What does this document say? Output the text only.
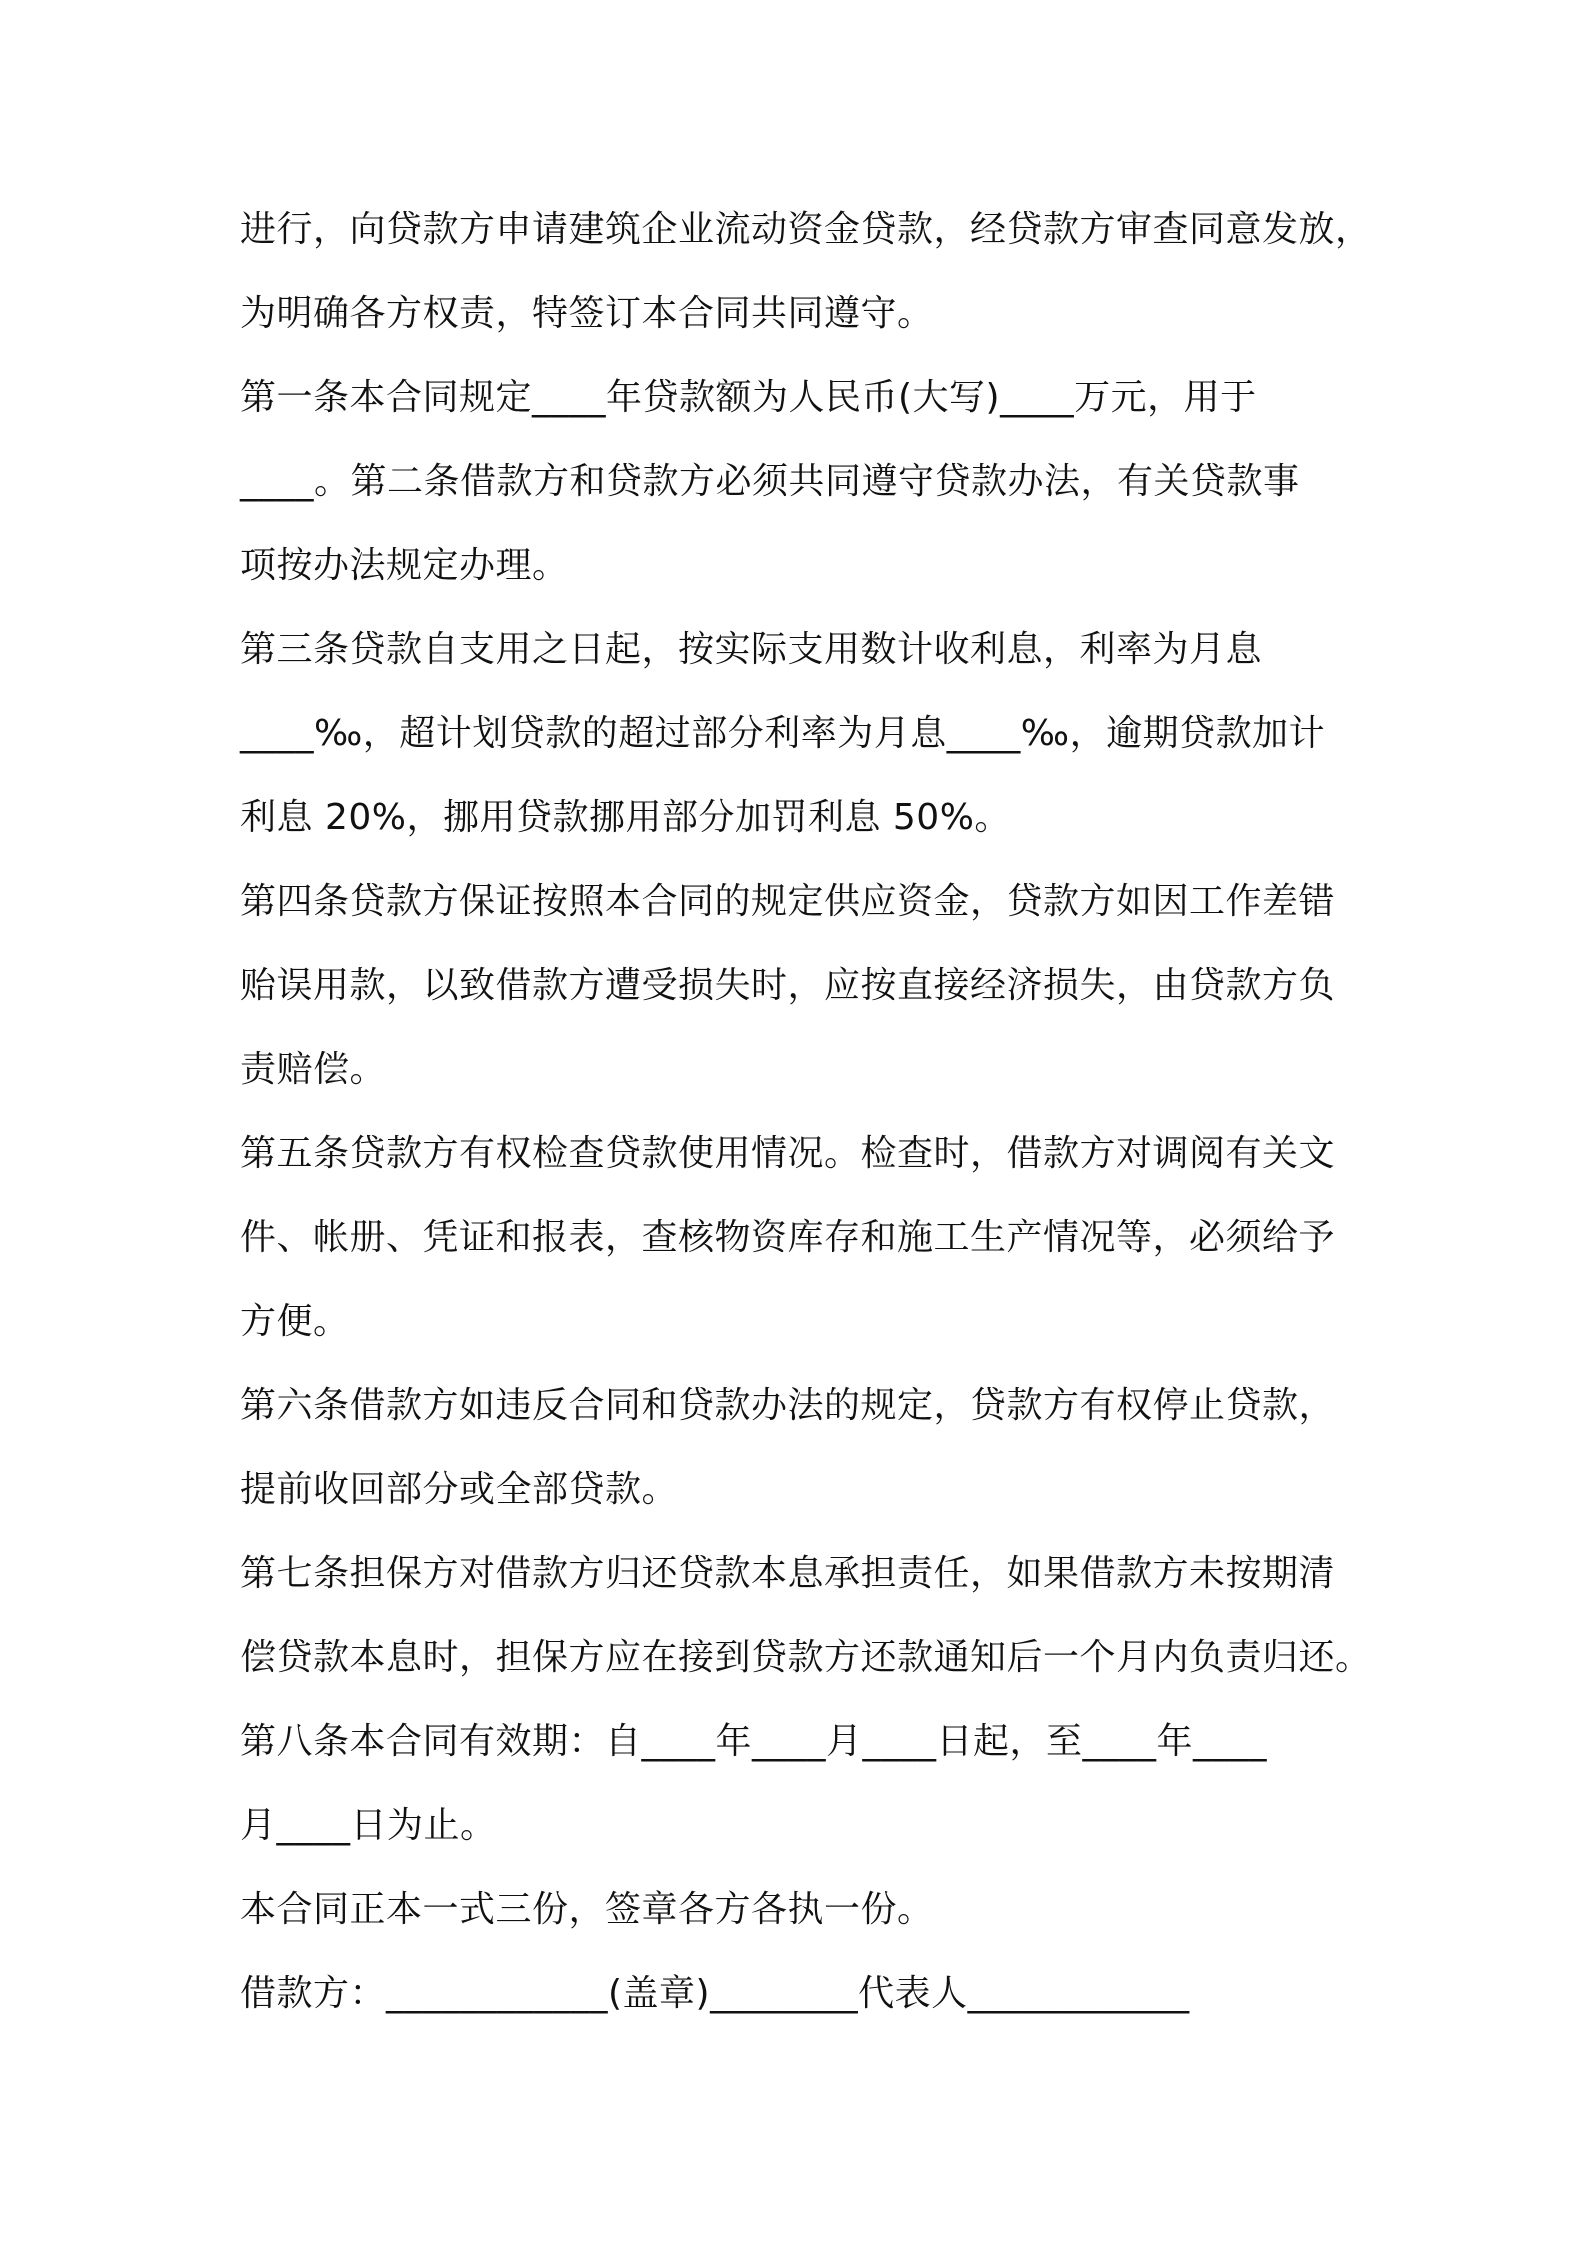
进行，向贷款方申请建筑企业流动资金贷款，经贷款方审查同意发放，

为明确各方权责，特签订本合同共同遵守。

第一条本合同规定____年贷款额为人民币(大写)____万元，用于

____。第二条借款方和贷款方必须共同遵守贷款办法，有关贷款事

项按办法规定办理。

第三条贷款自支用之日起，按实际支用数计收利息，利率为月息

____‰，超计划贷款的超过部分利率为月息____‰，逾期贷款加计

利息 20%，挪用贷款挪用部分加罚利息 50%。

第四条贷款方保证按照本合同的规定供应资金，贷款方如因工作差错

贻误用款，以致借款方遭受损失时，应按直接经济损失，由贷款方负

责赔偿。

第五条贷款方有权检查贷款使用情况。检查时，借款方对调阅有关文

件、帐册、凭证和报表，查核物资库存和施工生产情况等，必须给予

方便。

第六条借款方如违反合同和贷款办法的规定，贷款方有权停止贷款，

提前收回部分或全部贷款。

第七条担保方对借款方归还贷款本息承担责任，如果借款方未按期清

偿贷款本息时，担保方应在接到贷款方还款通知后一个月内负责归还。

第八条本合同有效期：自____年____月____日起，至____年____

月____日为止。

本合同正本一式三份，签章各方各执一份。

借款方：____________(盖章)________代表人____________
